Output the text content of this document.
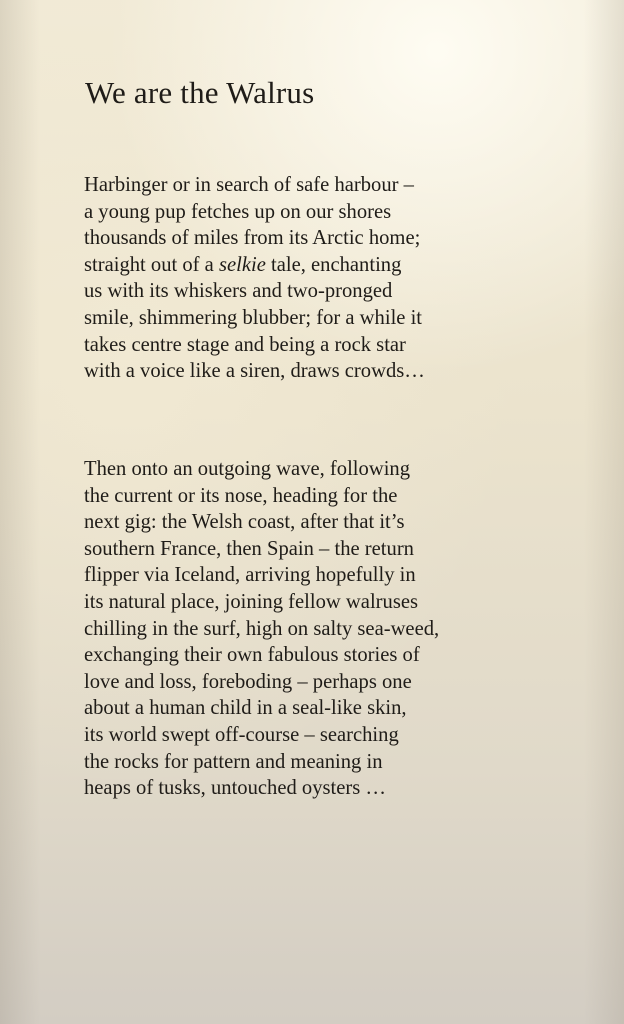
We are the Walrus
Harbinger or in search of safe harbour –
a young pup fetches up on our shores
thousands of miles from its Arctic home;
straight out of a selkie tale, enchanting
us with its whiskers and two-pronged
smile, shimmering blubber; for a while it
takes centre stage and being a rock star
with a voice like a siren, draws crowds…
Then onto an outgoing wave, following
the current or its nose, heading for the
next gig: the Welsh coast, after that it’s
southern France, then Spain – the return
flipper via Iceland, arriving hopefully in
its natural place, joining fellow walruses
chilling in the surf, high on salty sea-weed,
exchanging their own fabulous stories of
love and loss, foreboding – perhaps one
about a human child in a seal-like skin,
its world swept off-course – searching
the rocks for pattern and meaning in
heaps of tusks, untouched oysters …
